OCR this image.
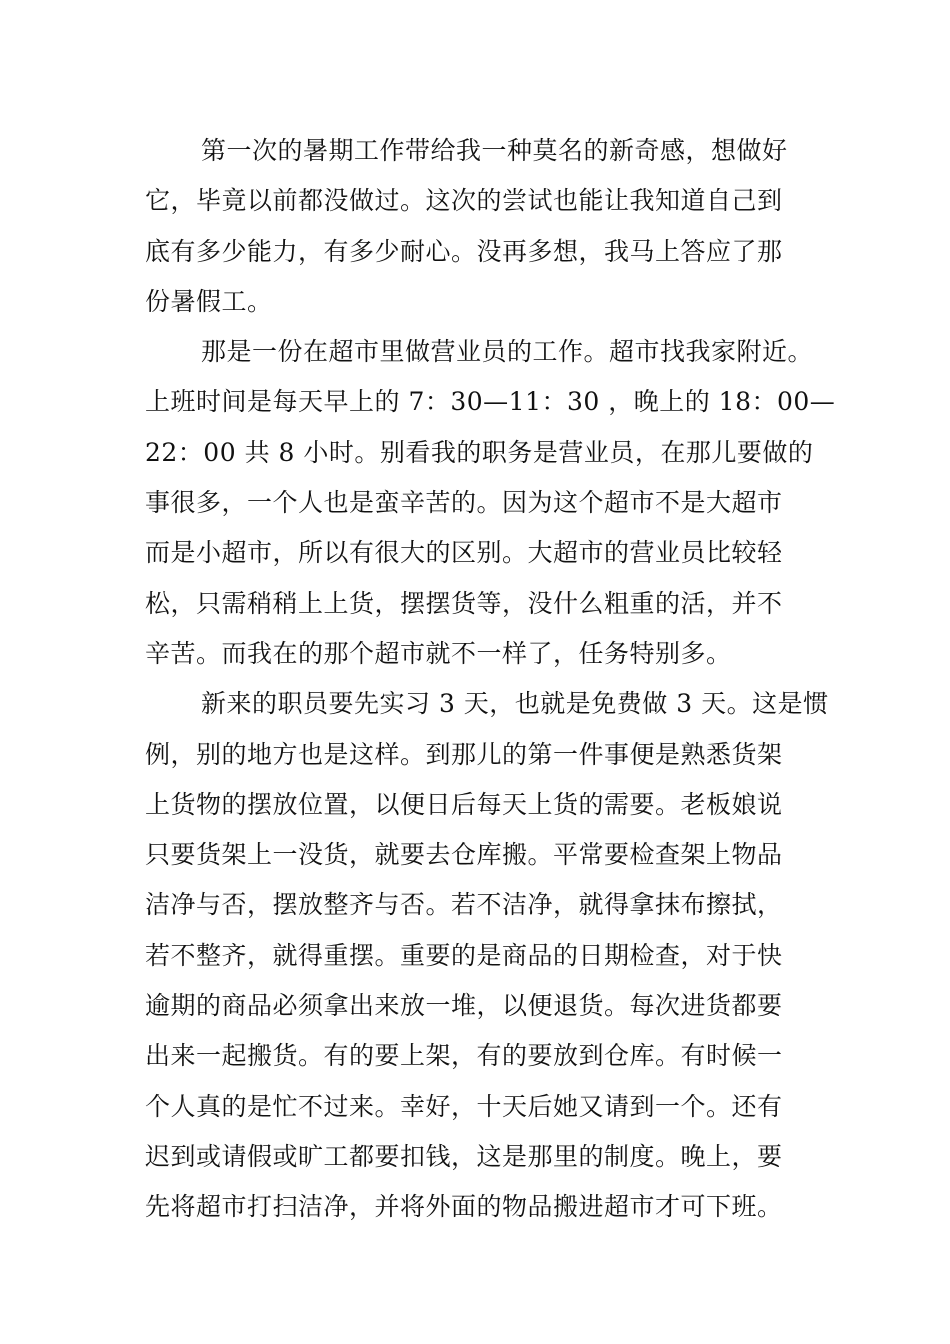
第一次的暑期工作带给我一种莫名的新奇感，想做好
它，毕竟以前都没做过。这次的尝试也能让我知道自己到
底有多少能力，有多少耐心。没再多想，我马上答应了那
份暑假工。
那是一份在超市里做营业员的工作。超市找我家附近。
上班时间是每天早上的 7：30—11：30 ，晚上的 18：00—
22：00 共 8 小时。别看我的职务是营业员，在那儿要做的
事很多，一个人也是蛮辛苦的。因为这个超市不是大超市
而是小超市，所以有很大的区别。大超市的营业员比较轻
松，只需稍稍上上货，摆摆货等，没什么粗重的活，并不
辛苦。而我在的那个超市就不一样了，任务特别多。
新来的职员要先实习 3 天，也就是免费做 3 天。这是惯
例，别的地方也是这样。到那儿的第一件事便是熟悉货架
上货物的摆放位置，以便日后每天上货的需要。老板娘说
只要货架上一没货，就要去仓库搬。平常要检查架上物品
洁净与否，摆放整齐与否。若不洁净，就得拿抹布擦拭，
若不整齐，就得重摆。重要的是商品的日期检查，对于快
逾期的商品必须拿出来放一堆，以便退货。每次进货都要
出来一起搬货。有的要上架，有的要放到仓库。有时候一
个人真的是忙不过来。幸好，十天后她又请到一个。还有
迟到或请假或旷工都要扣钱，这是那里的制度。晚上，要
先将超市打扫洁净，并将外面的物品搬进超市才可下班。
